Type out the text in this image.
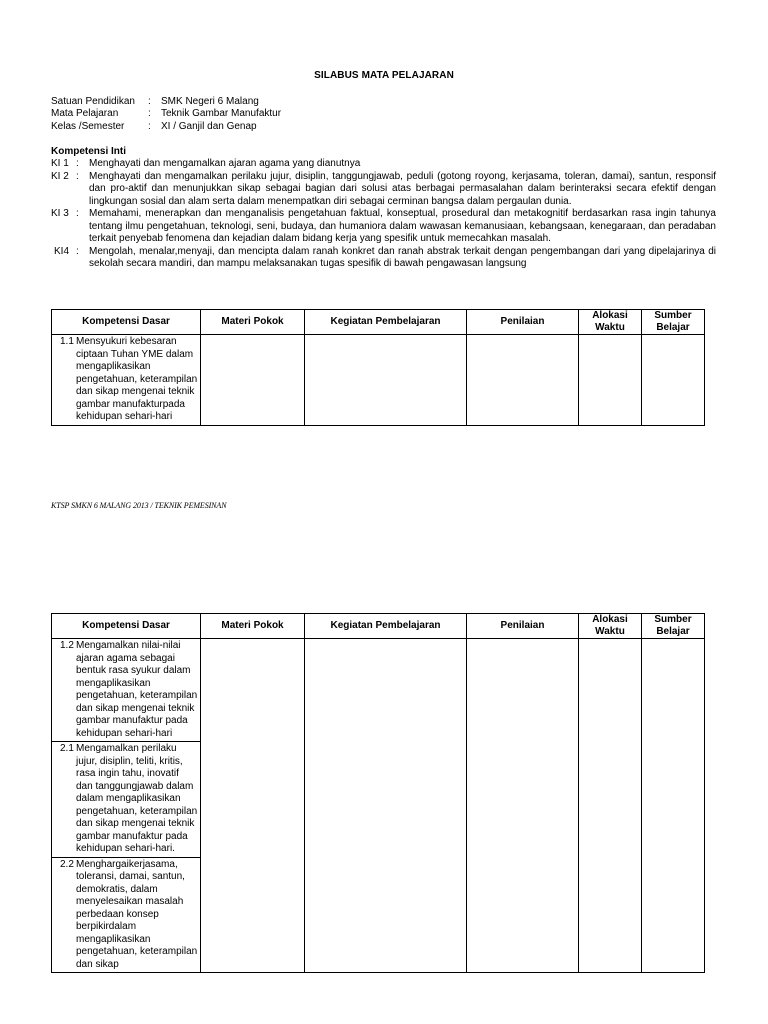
SILABUS MATA PELAJARAN
Satuan Pendidikan : SMK Negeri 6 Malang
Mata Pelajaran	: Teknik Gambar Manufaktur
Kelas /Semester : XI / Ganjil dan Genap
Kompetensi Inti
KI 1 : Menghayati dan mengamalkan ajaran agama yang dianutnya
KI 2 : Menghayati dan mengamalkan perilaku jujur, disiplin, tanggungjawab, peduli (gotong royong, kerjasama, toleran, damai), santun, responsif dan pro-aktif dan menunjukkan sikap sebagai bagian dari solusi atas berbagai permasalahan dalam berinteraksi secara efektif dengan lingkungan sosial dan alam serta dalam menempatkan diri sebagai cerminan bangsa dalam pergaulan dunia.
KI 3 : Memahami, menerapkan dan menganalisis pengetahuan faktual, konseptual, prosedural dan metakognitif berdasarkan rasa ingin tahunya tentang ilmu pengetahuan, teknologi, seni, budaya, dan humaniora dalam wawasan kemanusiaan, kebangsaan, kenegaraan, dan peradaban terkait penyebab fenomena dan kejadian dalam bidang kerja yang spesifik untuk memecahkan masalah.
KI4 : Mengolah, menalar,menyaji, dan mencipta dalam ranah konkret dan ranah abstrak terkait dengan pengembangan dari yang dipelajarinya di sekolah secara mandiri, dan mampu melaksanakan tugas spesifik di bawah pengawasan langsung
Kompetensi Dasar	Materi Pokok	Kegiatan Pembelajaran	Penilaian	Alokasi Waktu	Sumber Belajar

1.1 Mensyukuri kebesaran ciptaan Tuhan YME dalam mengaplikasikan pengetahuan, keterampilan dan sikap mengenai teknik gambar manufakturpada kehidupan sehari-hari					

KTSP SMKN 6 MALANG 2013 / TEKNIK PEMESINAN
Kompetensi Dasar	Materi Pokok	Kegiatan Pembelajaran	Penilaian	Alokasi Waktu	Sumber Belajar

1.2 Mengamalkan nilai-nilai ajaran agama sebagai bentuk rasa syukur dalam mengaplikasikan pengetahuan, keterampilan dan sikap mengenai teknik gambar manufaktur pada kehidupan sehari-hari					

2.1 Mengamalkan perilaku jujur, disiplin, teliti, kritis, rasa ingin tahu, inovatif dan tanggungjawab dalam dalam mengaplikasikan pengetahuan, keterampilan dan sikap mengenai teknik gambar manufaktur pada kehidupan sehari-hari.					

2.2 Menghargaikerjasama, toleransi, damai, santun, demokratis, dalam menyelesaikan masalah perbedaan konsep berpikirdalam mengaplikasikan pengetahuan, keterampilan dan sikap					
